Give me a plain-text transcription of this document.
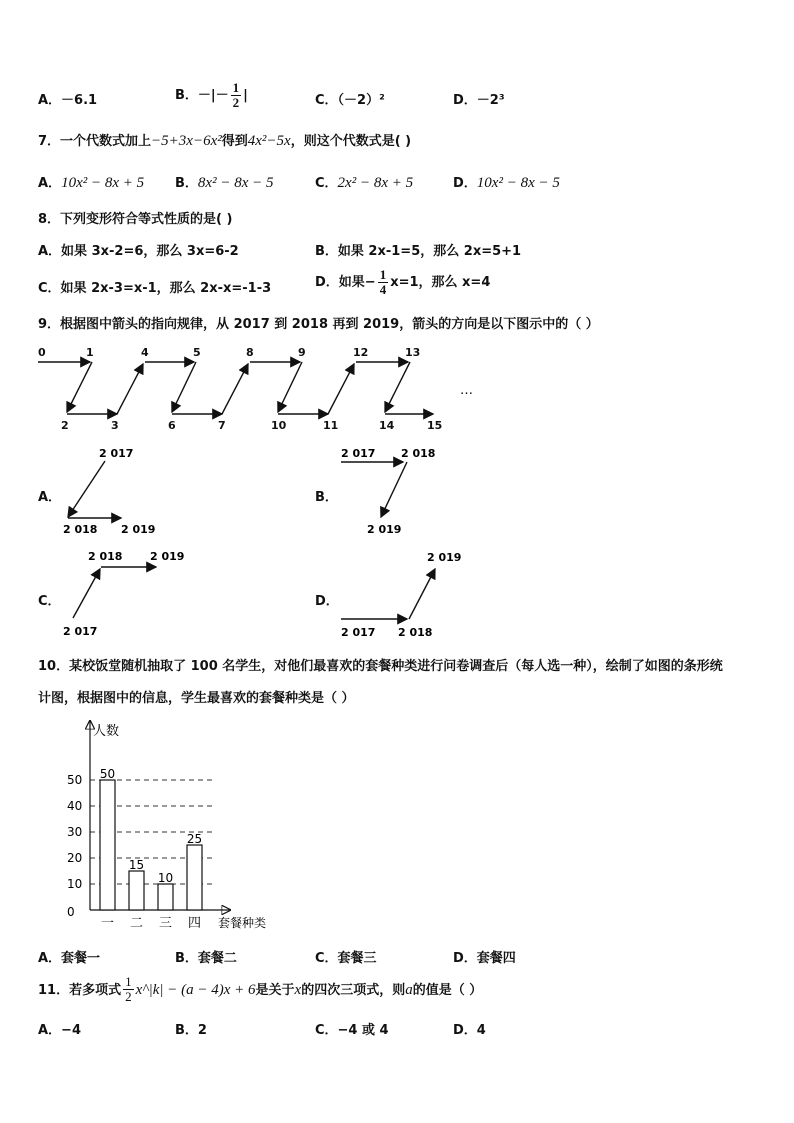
A．－6.1	B．－|－ $\frac{1}{2}$ |	C．（－2）²	D．－2³
7．一个代数式加上−5+3x−6x²得到4x²−5x，则这个代数式是( )
A．10x² − 8x + 5 B．8x² − 8x − 5	C．2x² − 8x + 5	D．10x² − 8x − 5
8．下列变形符合等式性质的是( )
A．如果 3x-2=6，那么 3x=6-2	B．如果 2x-1=5，那么 2x=5+1
C．如果 2x-3=x-1，那么 2x-x=-1-3	D．如果− $\frac{1}{4} x=1$，那么 x=4
9．根据图中箭头的指向规律，从 2017 到 2018 再到 2019，箭头的方向是以下图示中的（ ）
0	1	4	5	8	9	12	13
2	3	6	7	10	11	14	15
…
A．
2 017
2 018 2 019
B．
2 017 2 018
2 019
C．
2 018	2 019
2 017
D．
2 019
2 017 2 018
10．某校饭堂随机抽取了 100 名学生，对他们最喜欢的套餐种类进行问卷调查后（每人选一种），绘制了如图的条形统
计图，根据图中的信息，学生最喜欢的套餐种类是（ ）
人数
套餐种类
0
10
20
30
40
50 50
15
10
25
一 二 三 四
A．套餐一	B．套餐二	C．套餐三	D．套餐四
11．若多项式 $\frac{1}{2}$ x^|k| − (a − 4)x + 6是关于x的四次三项式，则a的值是（ ）
A．−4	B．2	C．−4 或 4	D．4
